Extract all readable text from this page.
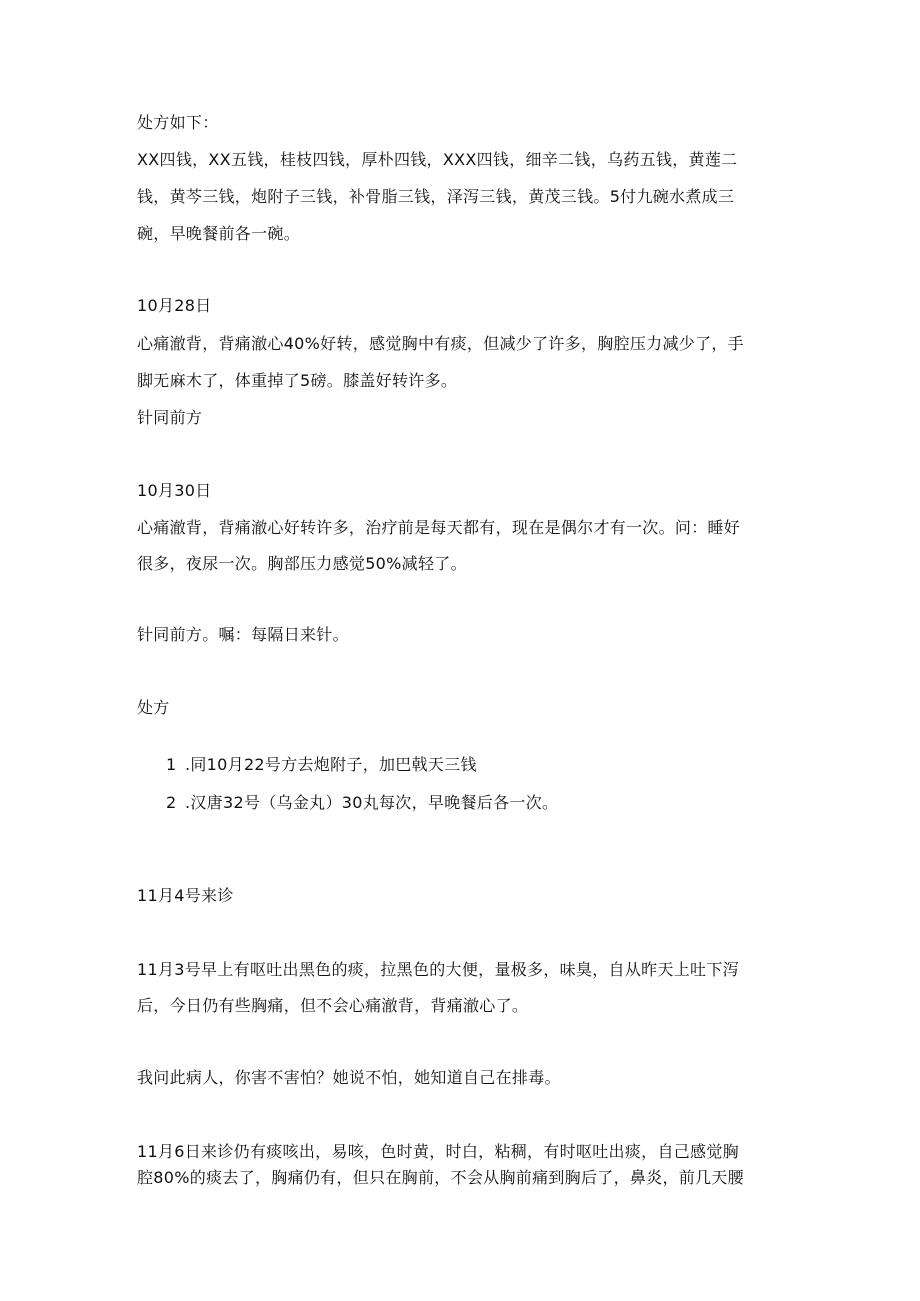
处方如下：
XX四钱，XX五钱，桂枝四钱，厚朴四钱，XXX四钱，细辛二钱，乌药五钱，黄莲二
钱，黄芩三钱，炮附子三钱，补骨脂三钱，泽泻三钱，黄茂三钱。5付九碗水煮成三
碗，早晚餐前各一碗。
10月28日
心痛澈背，背痛澈心40%好转，感觉胸中有痰，但减少了许多，胸腔压力减少了，手
脚无麻木了，体重掉了5磅。膝盖好转许多。
针同前方
10月30日
心痛澈背，背痛澈心好转许多，治疗前是每天都有，现在是偶尔才有一次。问：睡好
很多，夜尿一次。胸部压力感觉50%减轻了。
针同前方。嘱：每隔日来针。
处方
1 .同10月22号方去炮附子，加巴戟天三钱
2 .汉唐32号（乌金丸）30丸每次，早晚餐后各一次。
11月4号来诊
11月3号早上有呕吐出黑色的痰，拉黑色的大便，量极多，味臭，自从昨天上吐下泻
后，今日仍有些胸痛，但不会心痛澈背，背痛澈心了。
我问此病人，你害不害怕？她说不怕，她知道自己在排毒。
11月6日来诊仍有痰咳出，易咳，色时黄，时白，粘稠，有时呕吐出痰，自己感觉胸
腔80%的痰去了，胸痛仍有，但只在胸前，不会从胸前痛到胸后了，鼻炎，前几天腰
